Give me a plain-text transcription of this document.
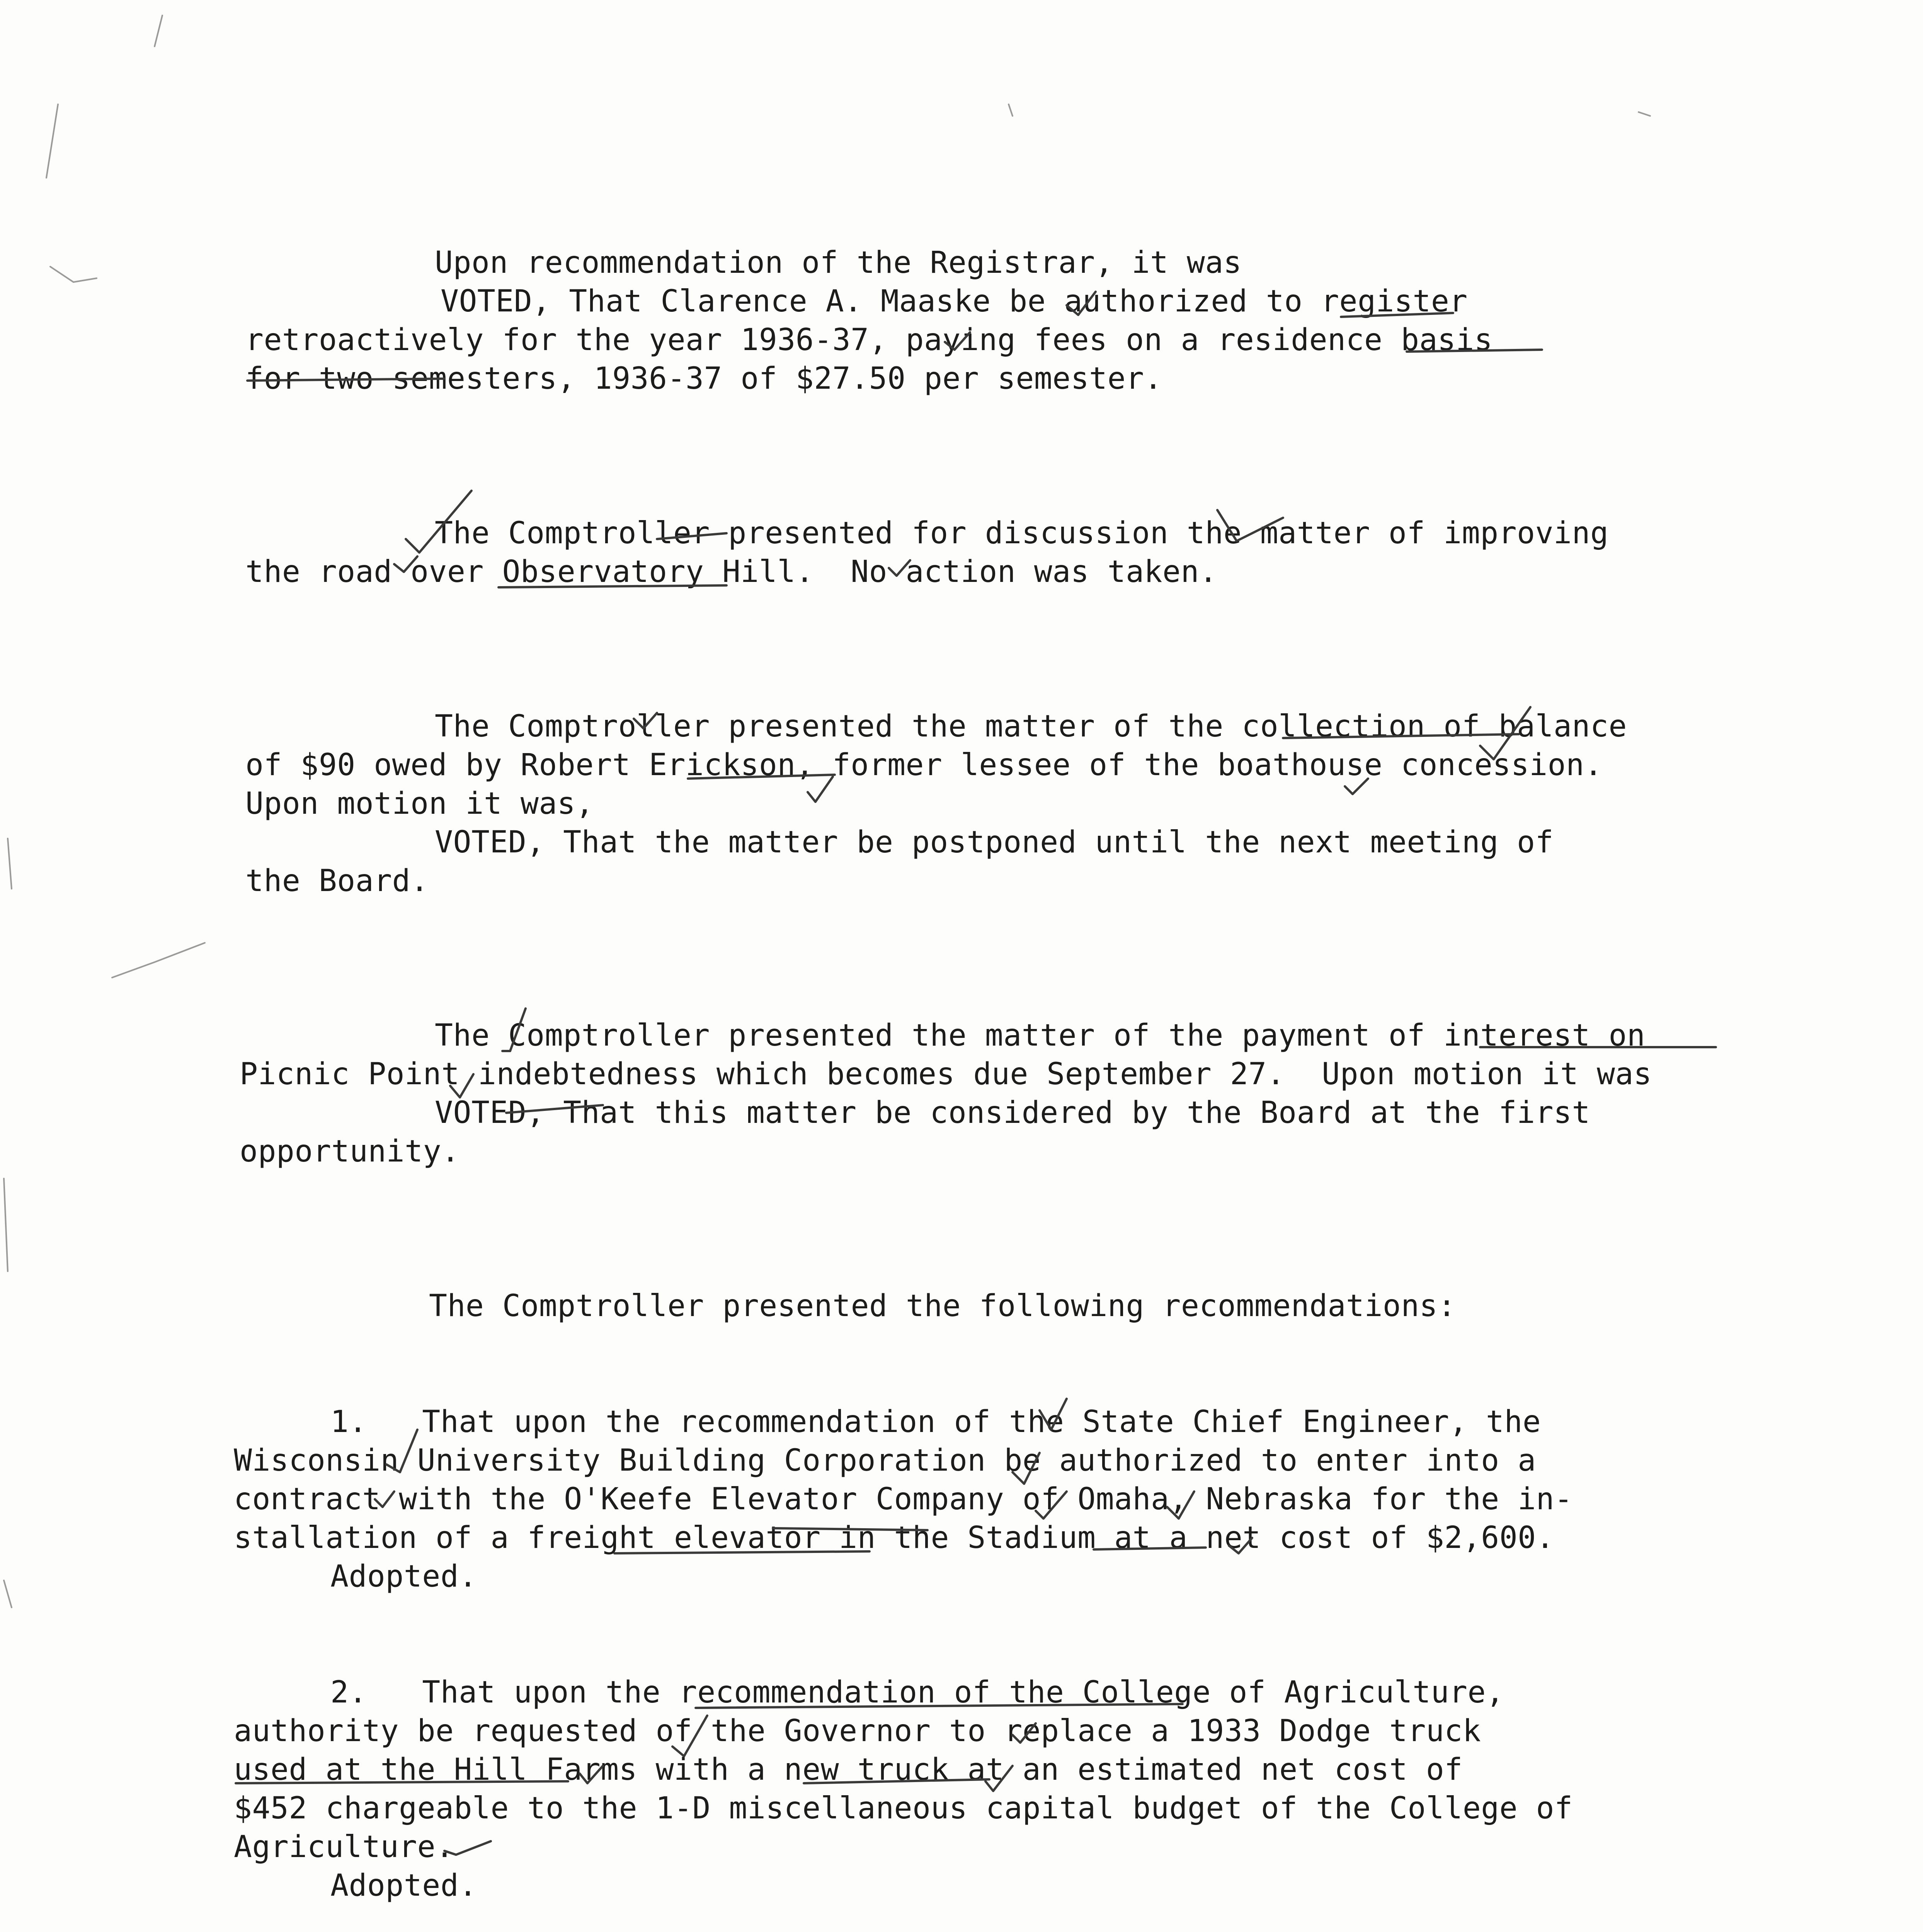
Upon recommendation of the Registrar, it was
VOTED, That Clarence A. Maaske be authorized to register
retroactively for the year 1936-37, paying fees on a residence basis
for two semesters, 1936-37 of $27.50 per semester.
The Comptroller presented for discussion the matter of improving
the road over Observatory Hill.  No action was taken.
The Comptroller presented the matter of the collection of balance
of $90 owed by Robert Erickson, former lessee of the boathouse concession.
Upon motion it was,
VOTED, That the matter be postponed until the next meeting of
the Board.
The Comptroller presented the matter of the payment of interest on
Picnic Point indebtedness which becomes due September 27.  Upon motion it was
VOTED, That this matter be considered by the Board at the first
opportunity.
The Comptroller presented the following recommendations:
1.   That upon the recommendation of the State Chief Engineer, the
Wisconsin University Building Corporation be authorized to enter into a
contract with the O'Keefe Elevator Company of Omaha, Nebraska for the in-
stallation of a freight elevator in the Stadium at a net cost of $2,600.
Adopted.
2.   That upon the recommendation of the College of Agriculture,
authority be requested of the Governor to replace a 1933 Dodge truck
used at the Hill Farms with a new truck at an estimated net cost of
$452 chargeable to the 1-D miscellaneous capital budget of the College of
Agriculture.
Adopted.
